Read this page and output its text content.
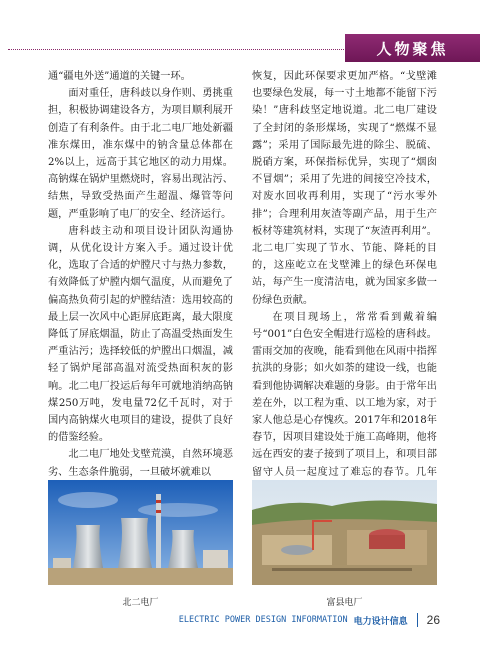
人物聚焦

通“疆电外送”通道的关键一环。

面对重任，唐科歧以身作则、勇挑重担，积极协调建设各方，为项目顺利展开创造了有利条件。由于北二电厂地处新疆准东煤田，准东煤中的钠含量总体都在2%以上，远高于其它地区的动力用煤。高钠煤在锅炉里燃烧时，容易出现沾污、结焦，导致受热面产生超温、爆管等问题，严重影响了电厂的安全、经济运行。

唐科歧主动和项目设计团队沟通协调，从优化设计方案入手。通过设计优化，选取了合适的炉膛尺寸与热力参数，有效降低了炉膛内烟气温度，从而避免了偏高热负荷引起的炉膛结渣：选用较高的最上层一次风中心距屏底距离，最大限度降低了屏底烟温，防止了高温受热面发生严重沾污；选择较低的炉膛出口烟温，减轻了锅炉尾部高温对流受热面积灰的影响。北二电厂投运后每年可就地消纳高钠煤250万吨，发电量72亿千瓦时，对于国内高钠煤火电项目的建设，提供了良好的借鉴经验。

北二电厂地处戈壁荒漠，自然环境恶劣、生态条件脆弱，一旦破坏就难以

恢复，因此环保要求更加严格。“戈壁滩也要绿色发展，每一寸土地都不能留下污染！”唐科歧坚定地说道。北二电厂建设了全封闭的条形煤场，实现了“燃煤不显露”；采用了国际最先进的除尘、脱硫、脱硝方案，环保指标优异，实现了“烟囱不冒烟”；采用了先进的间接空冷技术，对废水回收再利用，实现了“污水零外排”；合理利用灰渣等副产品，用于生产板材等建筑材料，实现了“灰渣再利用”。北二电厂实现了节水、节能、降耗的目的，这座屹立在戈壁滩上的绿色环保电站，每产生一度清洁电，就为国家多做一份绿色贡献。

在项目现场上，常常看到戴着编号“001”白色安全帽进行巡检的唐科歧。雷雨交加的夜晚，能看到他在风雨中指挥抗洪的身影；如火如荼的建设一线，也能看到他协调解决难题的身影。由于常年出差在外，以工程为重、以工地为家，对于家人他总是心存愧疚。2017年和2018年春节，因项目建设处于施工高峰期，他将远在西安的妻子接到了项目上，和项目部留守人员一起度过了难忘的春节。几年

北二电厂	富县电厂
ELECTRIC POWER DESIGN INFORMATION 电力设计信息 26
